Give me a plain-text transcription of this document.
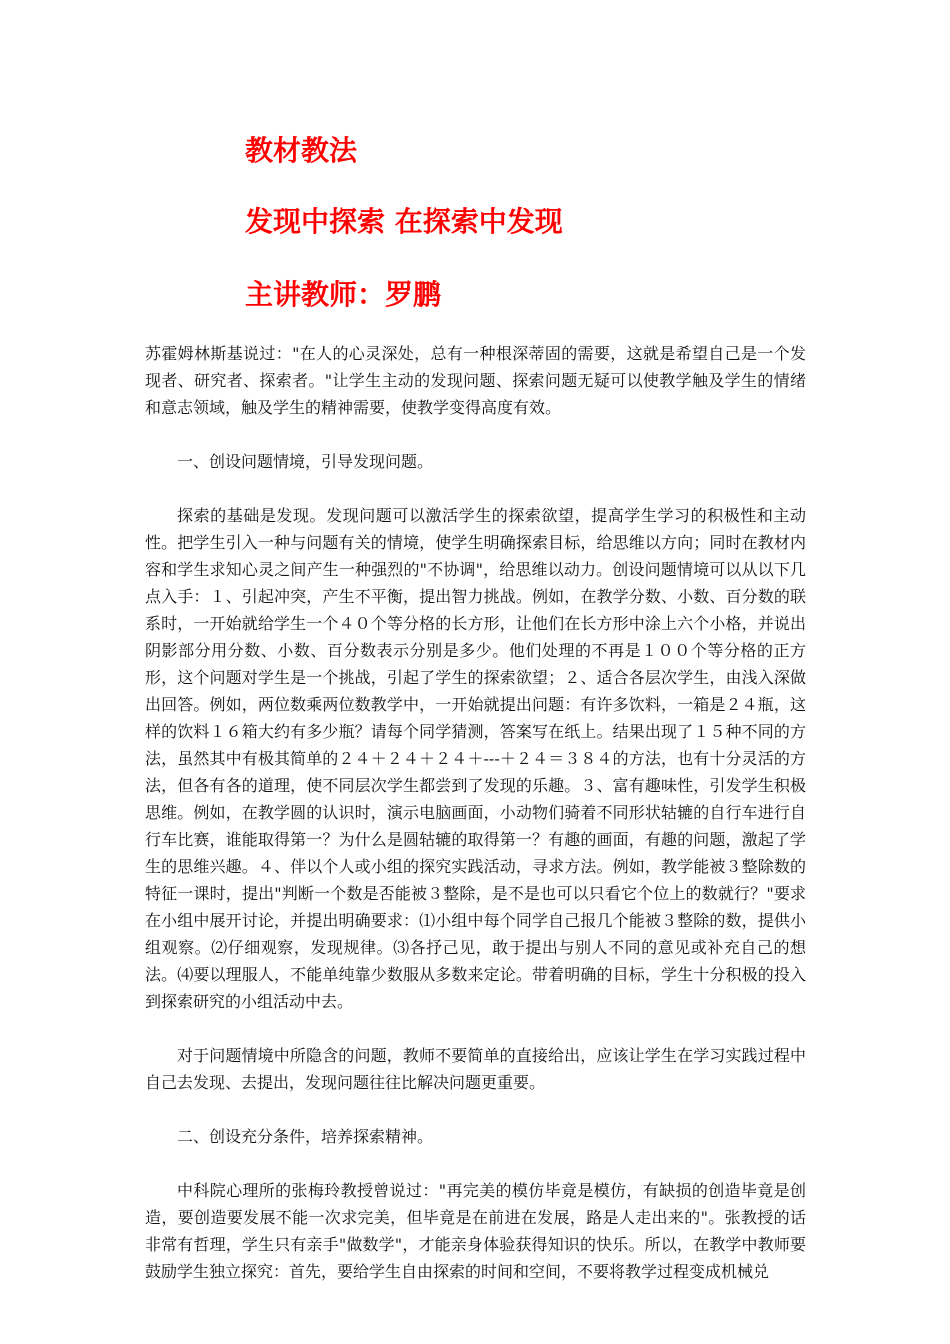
教材教法
发现中探索 在探索中发现
主讲教师：罗鹏

苏霍姆林斯基说过："在人的心灵深处，总有一种根深蒂固的需要，这就是希望自己是一个发现者、研究者、探索者。"让学生主动的发现问题、探索问题无疑可以使教学触及学生的情绪和意志领域，触及学生的精神需要，使教学变得高度有效。

一、创设问题情境，引导发现问题。

探索的基础是发现。发现问题可以激活学生的探索欲望，提高学生学习的积极性和主动性。把学生引入一种与问题有关的情境，使学生明确探索目标，给思维以方向；同时在教材内容和学生求知心灵之间产生一种强烈的"不协调"，给思维以动力。创设问题情境可以从以下几点入手：１、引起冲突，产生不平衡，提出智力挑战。例如，在教学分数、小数、百分数的联系时，一开始就给学生一个４０个等分格的长方形，让他们在长方形中涂上六个小格，并说出阴影部分用分数、小数、百分数表示分别是多少。他们处理的不再是１００个等分格的正方形，这个问题对学生是一个挑战，引起了学生的探索欲望；２、适合各层次学生，由浅入深做出回答。例如，两位数乘两位数教学中，一开始就提出问题：有许多饮料，一箱是２４瓶，这样的饮料１６箱大约有多少瓶？请每个同学猜测，答案写在纸上。结果出现了１５种不同的方法，虽然其中有极其简单的２４＋２４＋２４＋---＋２４＝３８４的方法，也有十分灵活的方法，但各有各的道理，使不同层次学生都尝到了发现的乐趣。３、富有趣味性，引发学生积极思维。例如，在教学圆的认识时，演示电脑画面，小动物们骑着不同形状轱辘的自行车进行自行车比赛，谁能取得第一？为什么是圆轱辘的取得第一？有趣的画面，有趣的问题，激起了学生的思维兴趣。４、伴以个人或小组的探究实践活动，寻求方法。例如，教学能被３整除数的特征一课时，提出"判断一个数是否能被３整除，是不是也可以只看它个位上的数就行？"要求在小组中展开讨论，并提出明确要求：⑴小组中每个同学自己报几个能被３整除的数，提供小组观察。⑵仔细观察，发现规律。⑶各抒己见，敢于提出与别人不同的意见或补充自己的想法。⑷要以理服人，不能单纯靠少数服从多数来定论。带着明确的目标，学生十分积极的投入到探索研究的小组活动中去。

对于问题情境中所隐含的问题，教师不要简单的直接给出，应该让学生在学习实践过程中自己去发现、去提出，发现问题往往比解决问题更重要。

二、创设充分条件，培养探索精神。

中科院心理所的张梅玲教授曾说过："再完美的模仿毕竟是模仿，有缺损的创造毕竟是创造，要创造要发展不能一次求完美，但毕竟是在前进在发展，路是人走出来的"。张教授的话非常有哲理，学生只有亲手"做数学"，才能亲身体验获得知识的快乐。所以，在教学中教师要鼓励学生独立探究：首先，要给学生自由探索的时间和空间，不要将教学过程变成机械兑
